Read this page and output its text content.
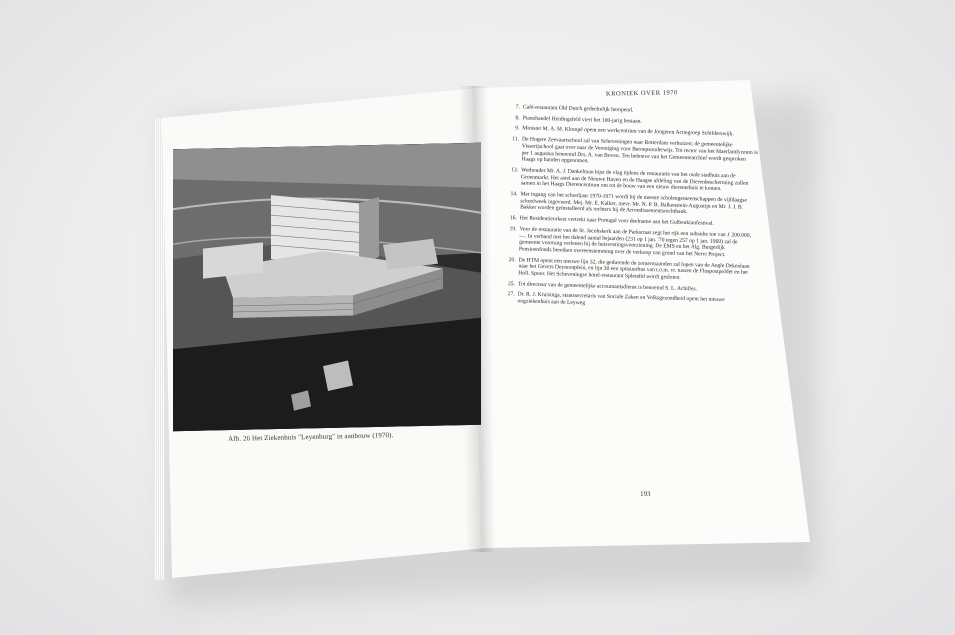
Afb. 26 Het Ziekenhuis "Leyenburg" in aanbouw (1970).
KRONIEK OVER 1970
7. Café-restaurant Old Dutch gedeeltelijk heropend.
8. Pianohandel Heidingsfeld viert het 100-jarig bestaan.
9. Minister M. A. M. Klompé opent een werkcentrum van de Jongeren Actiegroep Schilderswijk.
11. De Hogere Zeevaartschool zal van Scheveningen naar Rotterdam verhuizen; de gemeentelijke Visserijschool gaat over naar de Vereniging voor Beroepsonderwijs. Tot rector van het Maerlantlyceum is per 1 augustus benoemd Drs. A. van Boven. Ten behoeve van het Gemeentearchief wordt gesproken Haags op banden opgenomen.
13. Wethouder Mr. A. J. Dankelman hijst de vlag tijdens de restauratie van het oude stadhuis aan de Groenmarkt. Het asiel aan de Nieuwe Haven en de Haagse afdeling van de Dierenbescherming zullen samen in het Haags Dierencentrum om tot de bouw van een nieuw dierentehuis te komen.
14. Met ingang van het schooljaar 1970-1971 wordt bij de meeste scholengemeenschappen de vijfdaagse schoolweek ingevoerd. Mej. Mr. E. Kalker, mevr. Mr. N. P. B. Balkenstein-Augustijn en Mr. J. J. B. Bakker worden geïnstalleerd als rechters bij de Arrondissementsrechtbank.
16. Het Residentieorkest vertrekt naar Portugal voor deelname aan het Gulbenkianfestival.
19. Voor de restauratie van de St. Jacobskerk aan de Parkstraat zegt het rijk een subsidie toe van ƒ 200.000,—. In verband met het dalend aantal bejaarden (231 op 1 jan. '70 tegen 257 op 1 jan. 1969) zal de gemeente voorrang verlenen bij de huisvestingsvoorziening. De EMS en het Alg. Burgerlijk Pensioenfonds bereiken overeenstemming over de verkoop van grond van het Nervi Project.
20. De HTM opent een nieuwe lijn 32, die gedurende de zomermaanden zal lopen van de Aegle Dekenlaan naar het Gevers Deynootplein, en lijn 30 een spitsuurbus van t.o.m. vr. tussen de Fluspostpolder en het Holl. Spoor. Het Scheveningse hotel-restaurant Splendid wordt gesloten.
25. Tot directeur van de gemeentelijke accountantsdienst is benoemd S. L. Achilles.
27. Dr. R. J. Kruisinga, staatssecretaris van Sociale Zaken en Volksgezondheid opent het nieuwe oogziekenhuis aan de Leyweg
193
